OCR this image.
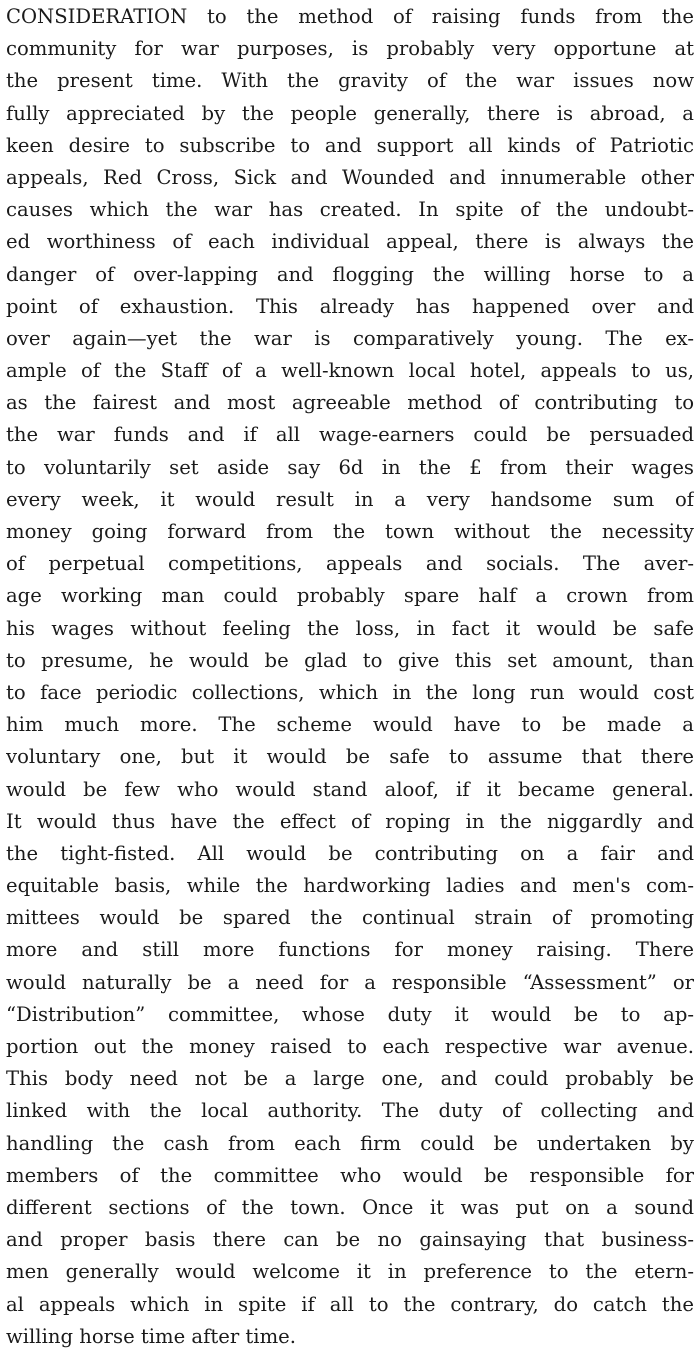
CONSIDERATION to the method of raising funds from the
community for war purposes, is probably very opportune at
the present time. With the gravity of the war issues now
fully appreciated by the people generally, there is abroad, a
keen desire to subscribe to and support all kinds of Patriotic
appeals, Red Cross, Sick and Wounded and innumerable other
causes which the war has created. In spite of the undoubt-
ed worthiness of each individual appeal, there is always the
danger of over-lapping and flogging the willing horse to a
point of exhaustion. This already has happened over and
over again—yet the war is comparatively young. The ex-
ample of the Staff of a well-known local hotel, appeals to us,
as the fairest and most agreeable method of contributing to
the war funds and if all wage-earners could be persuaded
to voluntarily set aside say 6d in the £ from their wages
every week, it would result in a very handsome sum of
money going forward from the town without the necessity
of perpetual competitions, appeals and socials. The aver-
age working man could probably spare half a crown from
his wages without feeling the loss, in fact it would be safe
to presume, he would be glad to give this set amount, than
to face periodic collections, which in the long run would cost
him much more. The scheme would have to be made a
voluntary one, but it would be safe to assume that there
would be few who would stand aloof, if it became general.
It would thus have the effect of roping in the niggardly and
the tight-fisted. All would be contributing on a fair and
equitable basis, while the hardworking ladies and men's com-
mittees would be spared the continual strain of promoting
more and still more functions for money raising. There
would naturally be a need for a responsible “Assessment” or
“Distribution” committee, whose duty it would be to ap-
portion out the money raised to each respective war avenue.
This body need not be a large one, and could probably be
linked with the local authority. The duty of collecting and
handling the cash from each firm could be undertaken by
members of the committee who would be responsible for
different sections of the town. Once it was put on a sound
and proper basis there can be no gainsaying that business-
men generally would welcome it in preference to the etern-
al appeals which in spite if all to the contrary, do catch the
willing horse time after time.
